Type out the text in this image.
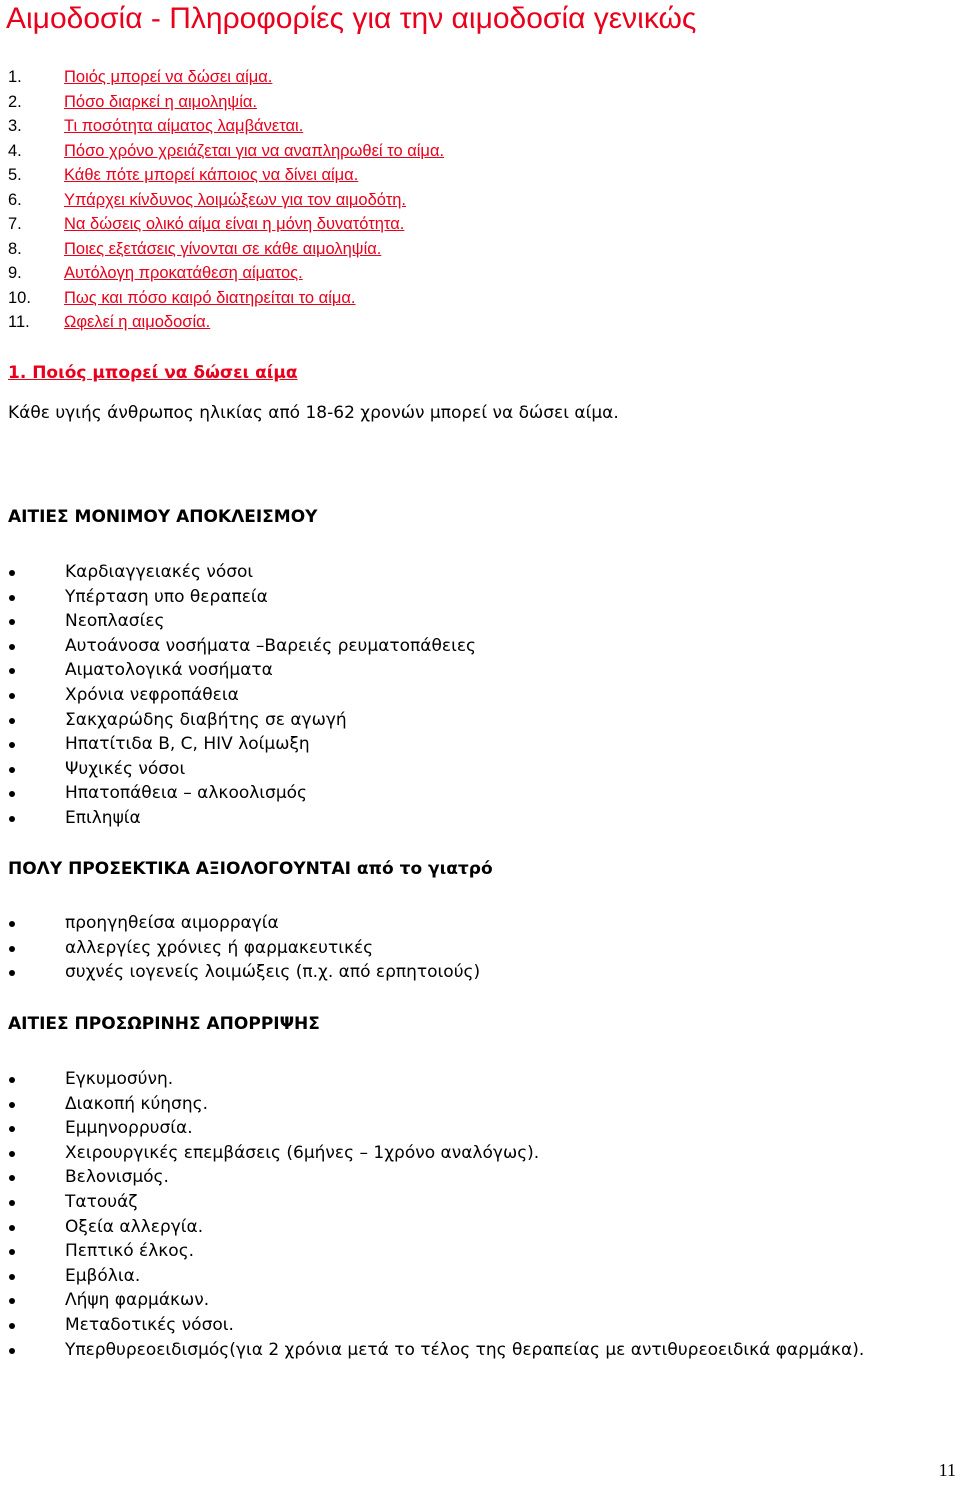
Αιμοδοσία - Πληροφορίες για την αιμοδοσία γενικώς
1.	Ποιός μπορεί να δώσει αίμα.
2.	Πόσο διαρκεί η αιμοληψία.
3.	Τι ποσότητα αίματος λαμβάνεται.
4.	Πόσο χρόνο χρειάζεται για να αναπληρωθεί το αίμα.
5.	Κάθε πότε μπορεί κάποιος να δίνει αίμα.
6.	Υπάρχει κίνδυνος λοιμώξεων για τον αιμοδότη.
7.	Να δώσεις ολικό αίμα είναι η μόνη δυνατότητα.
8.	Ποιες εξετάσεις γίνονται σε κάθε αιμοληψία.
9.	Αυτόλογη προκατάθεση αίματος.
10. Πως και πόσο καιρό διατηρείται το αίμα.
11. Ωφελεί η αιμοδοσία.
1. Ποιός μπορεί να δώσει αίμα

Κάθε υγιής άνθρωπος ηλικίας από 18-62 χρονών μπορεί να δώσει αίμα.

ΑΙΤΙΕΣ ΜΟΝΙΜΟΥ ΑΠΟΚΛΕΙΣΜΟΥ
Καρδιαγγειακές νόσοι
Υπέρταση υπο θεραπεία
Νεοπλασίες
Αυτοάνοσα νοσήματα –Βαρειές ρευματοπάθειες
Αιματολογικά νοσήματα
Χρόνια νεφροπάθεια
Σακχαρώδης διαβήτης σε αγωγή
Ηπατίτιδα Β, C, HIV λοίμωξη
Ψυχικές νόσοι
Ηπατοπάθεια – αλκοολισμός
Επιληψία
ΠΟΛΥ ΠΡΟΣΕΚΤΙΚΑ ΑΞΙΟΛΟΓΟΥΝΤΑΙ από το γιατρό
προηγηθείσα αιμορραγία
αλλεργίες χρόνιες ή φαρμακευτικές
συχνές ιογενείς λοιμώξεις (π.χ. από ερπητοιούς)
ΑΙΤΙΕΣ ΠΡΟΣΩΡΙΝΗΣ ΑΠΟΡΡΙΨΗΣ
Εγκυμοσύνη.
Διακοπή κύησης.
Εμμηνορρυσία.
Χειρουργικές επεμβάσεις (6μήνες – 1χρόνο αναλόγως).
Βελονισμός.
Τατουάζ
Οξεία αλλεργία.
Πεπτικό έλκος.
Εμβόλια.
Λήψη φαρμάκων.
Μεταδοτικές νόσοι.
Υπερθυρεοειδισμός(για 2 χρόνια μετά το τέλος της θεραπείας με αντιθυρεοειδικά φαρμάκα).

11
